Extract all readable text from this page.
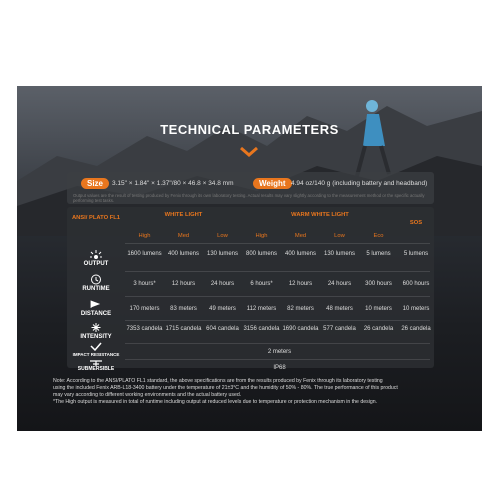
TECHNICAL PARAMETERS
Size	3.15" × 1.84" × 1.37"/80 × 46.8 × 34.8 mm	Weight 4.94 oz/140 g (including battery and headband)
Output values are the result of testing produced by Fenix through its own laboratory testing. Actual results may vary slightly according to the measurement method or the specific actually performing test tasks.
ANSI/ PLATO FL1	WHITE LIGHT	WARM WHITE LIGHT
SOS
High	Med	Low	High	Med	Low	Eco
OUTPUT
1600 lumens	400 lumens	130 lumens	800 lumens	400 lumens	130 lumens	5 lumens	5 lumens
RUNTIME
3 hours*	12 hours	24 hours	6 hours*	12 hours	24 hours	300 hours	600 hours
DISTANCE
170 meters	83 meters	49 meters	112 meters	82 meters	48 meters	10 meters	10 meters
INTENSITY
7353 candela 1715 candela 604 candela 3156 candela 1690 candela 577 candela	26 candela	26 candela
IMPACT RESISTANCE	2 meters
SUBMERSIBLE	IP68
Note: According to the ANSI/PLATO FL1 standard, the above specifications are from the results produced by Fenix through its laboratory testing
using the included Fenix ARB-L18-3400 battery under the temperature of 21±3°C and the humidity of 50% - 80%. The true performance of this product
may vary according to different working environments and the actual battery used.
*The High output is measured in total of runtime including output at reduced levels due to temperature or protection mechanism in the design.
